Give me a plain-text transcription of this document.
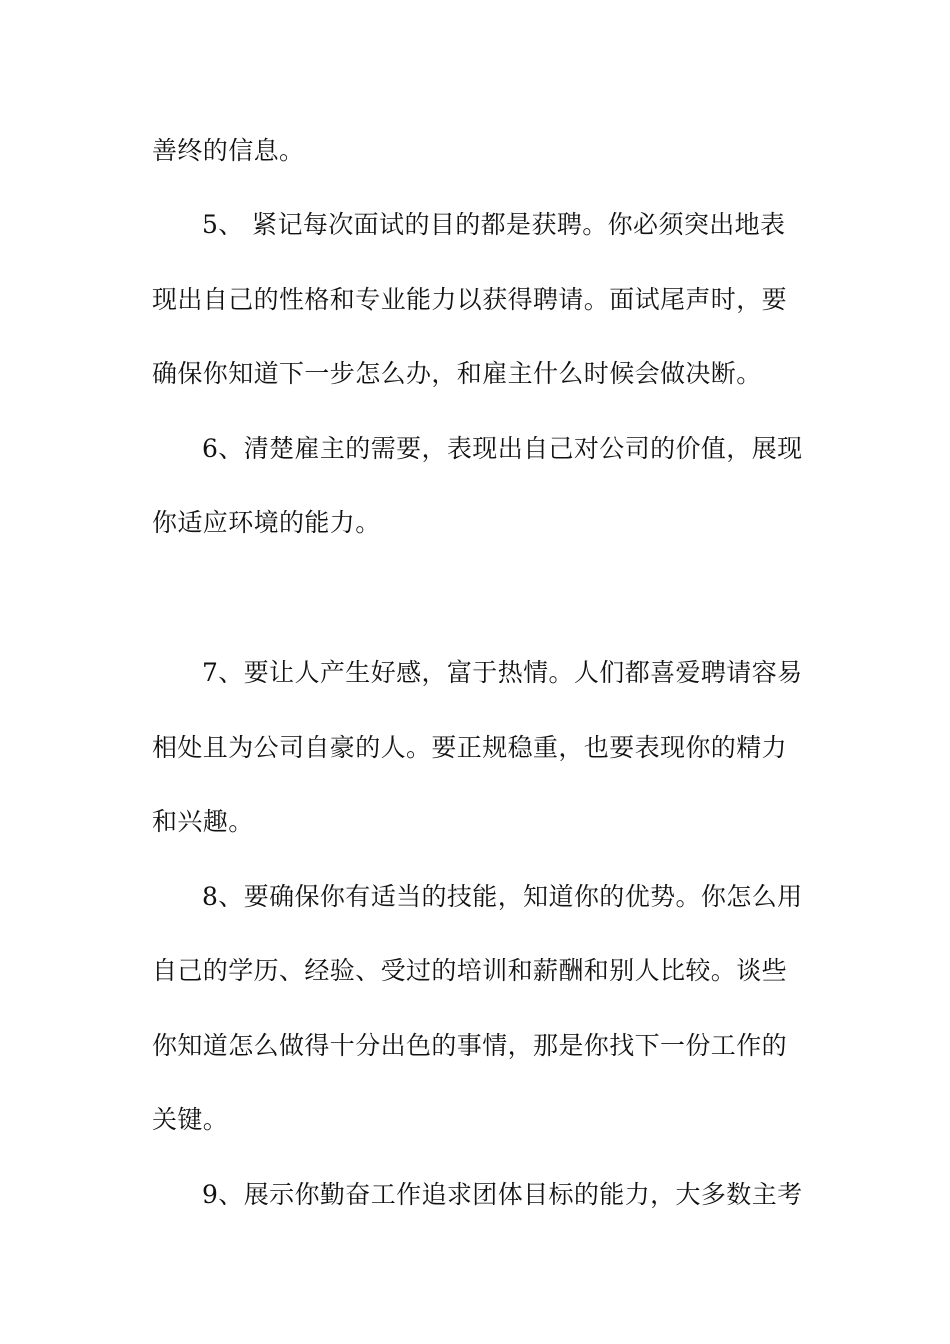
善终的信息。
5、 紧记每次面试的目的都是获聘。你必须突出地表
现出自己的性格和专业能力以获得聘请。面试尾声时，要
确保你知道下一步怎么办，和雇主什么时候会做决断。
6、清楚雇主的需要，表现出自己对公司的价值，展现
你适应环境的能力。
7、要让人产生好感，富于热情。人们都喜爱聘请容易
相处且为公司自豪的人。要正规稳重，也要表现你的精力
和兴趣。
8、要确保你有适当的技能，知道你的优势。你怎么用
自己的学历、经验、受过的培训和薪酬和别人比较。谈些
你知道怎么做得十分出色的事情，那是你找下一份工作的
关键。
9、展示你勤奋工作追求团体目标的能力，大多数主考
